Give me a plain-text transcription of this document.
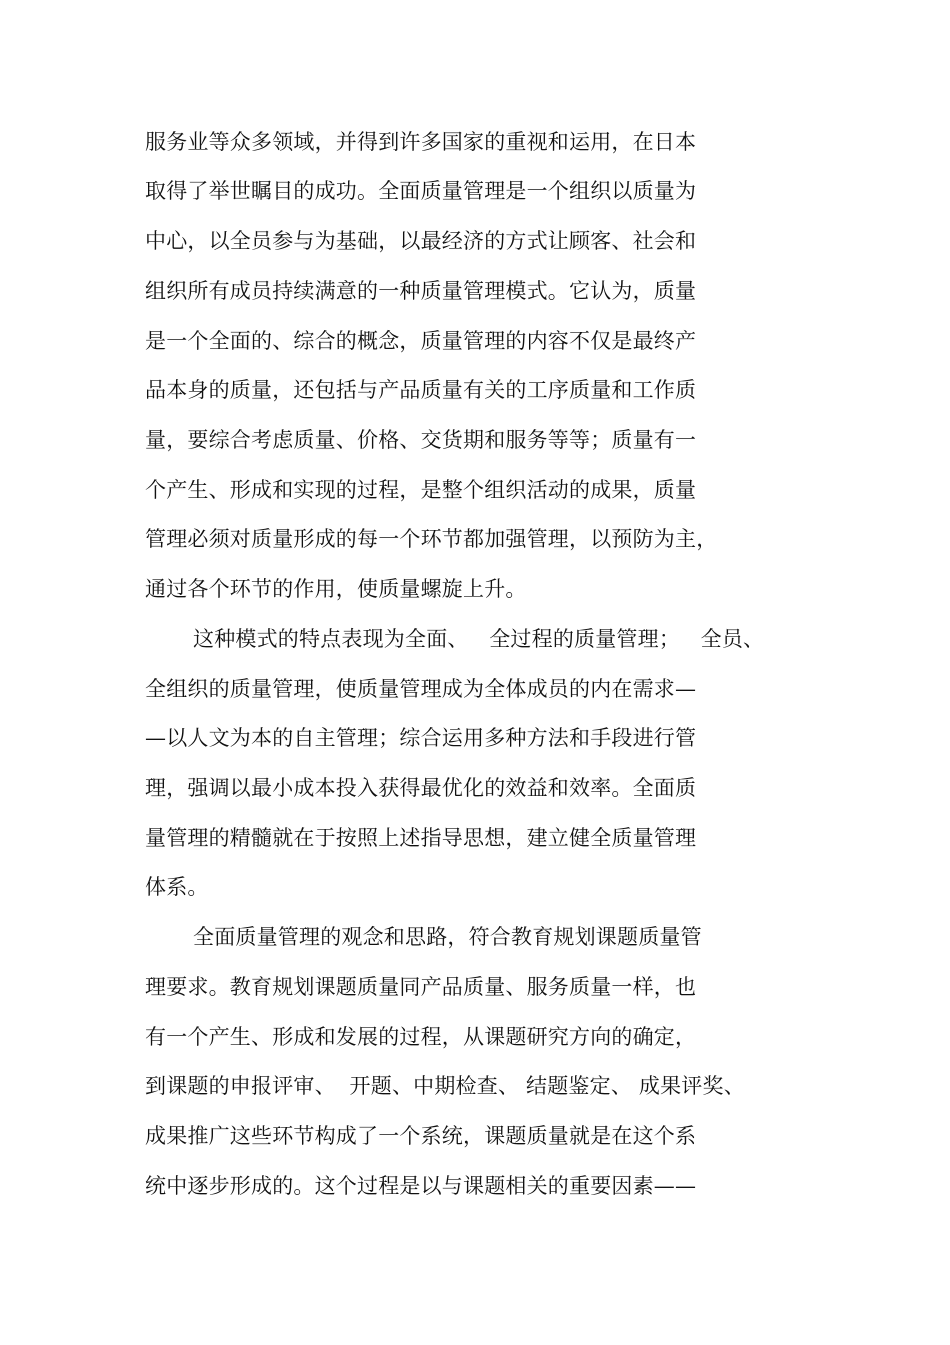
服务业等众多领域，并得到许多国家的重视和运用，在日本
取得了举世瞩目的成功。全面质量管理是一个组织以质量为
中心，以全员参与为基础，以最经济的方式让顾客、社会和
组织所有成员持续满意的一种质量管理模式。它认为，质量
是一个全面的、综合的概念，质量管理的内容不仅是最终产
品本身的质量，还包括与产品质量有关的工序质量和工作质
量，要综合考虑质量、价格、交货期和服务等等；质量有一
个产生、形成和实现的过程，是整个组织活动的成果，质量
管理必须对质量形成的每一个环节都加强管理，以预防为主，
通过各个环节的作用，使质量螺旋上升。
这种模式的特点表现为全面、   全过程的质量管理；   全员、
全组织的质量管理，使质量管理成为全体成员的内在需求—
—以人文为本的自主管理；综合运用多种方法和手段进行管
理，强调以最小成本投入获得最优化的效益和效率。全面质
量管理的精髓就在于按照上述指导思想，建立健全质量管理
体系。
全面质量管理的观念和思路，符合教育规划课题质量管
理要求。教育规划课题质量同产品质量、服务质量一样，也
有一个产生、形成和发展的过程，从课题研究方向的确定，
到课题的申报评审、  开题、中期检查、 结题鉴定、 成果评奖、
成果推广这些环节构成了一个系统，课题质量就是在这个系
统中逐步形成的。这个过程是以与课题相关的重要因素——
